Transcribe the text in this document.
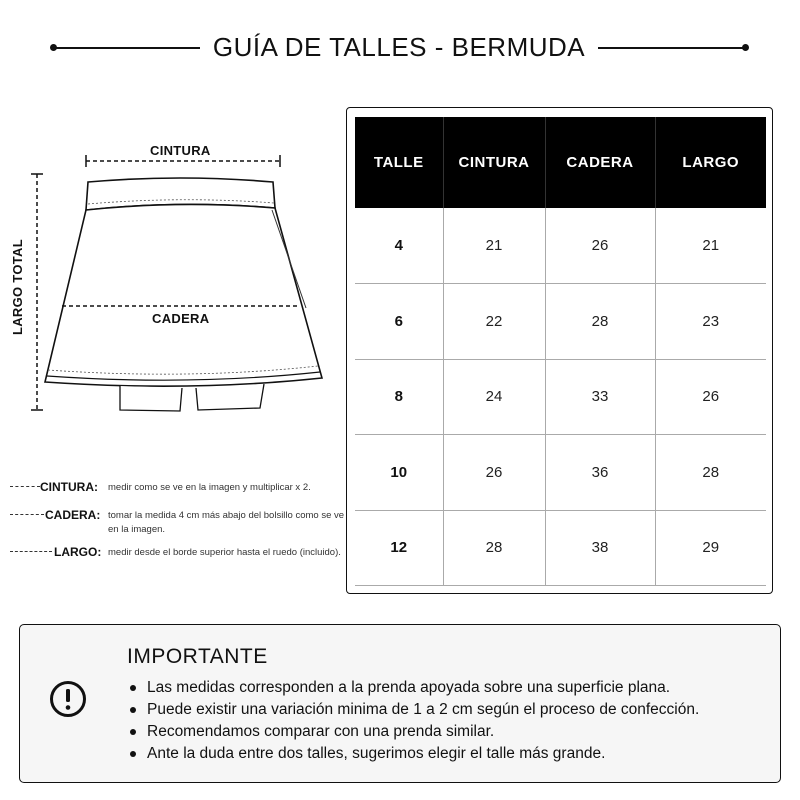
GUÍA DE TALLES - BERMUDA
CINTURA
CADERA
LARGO TOTAL
CINTURA: medir como se ve en la imagen y multiplicar x 2.
CADERA: tomar la medida 4 cm más abajo del bolsillo como se ve en la imagen.
LARGO: medir desde el borde superior hasta el ruedo (incluido).
TALLE	CINTURA	CADERA	LARGO
4	21	26	21
6	22	28	23
8	24	33	26
10	26	36	28
12	28	38	29
IMPORTANTE
Las medidas corresponden a la prenda apoyada sobre una superficie plana.
Puede existir una variación minima de 1 a 2 cm según el proceso de confección.
Recomendamos comparar con una prenda similar.
Ante la duda entre dos talles, sugerimos elegir el talle más grande.
